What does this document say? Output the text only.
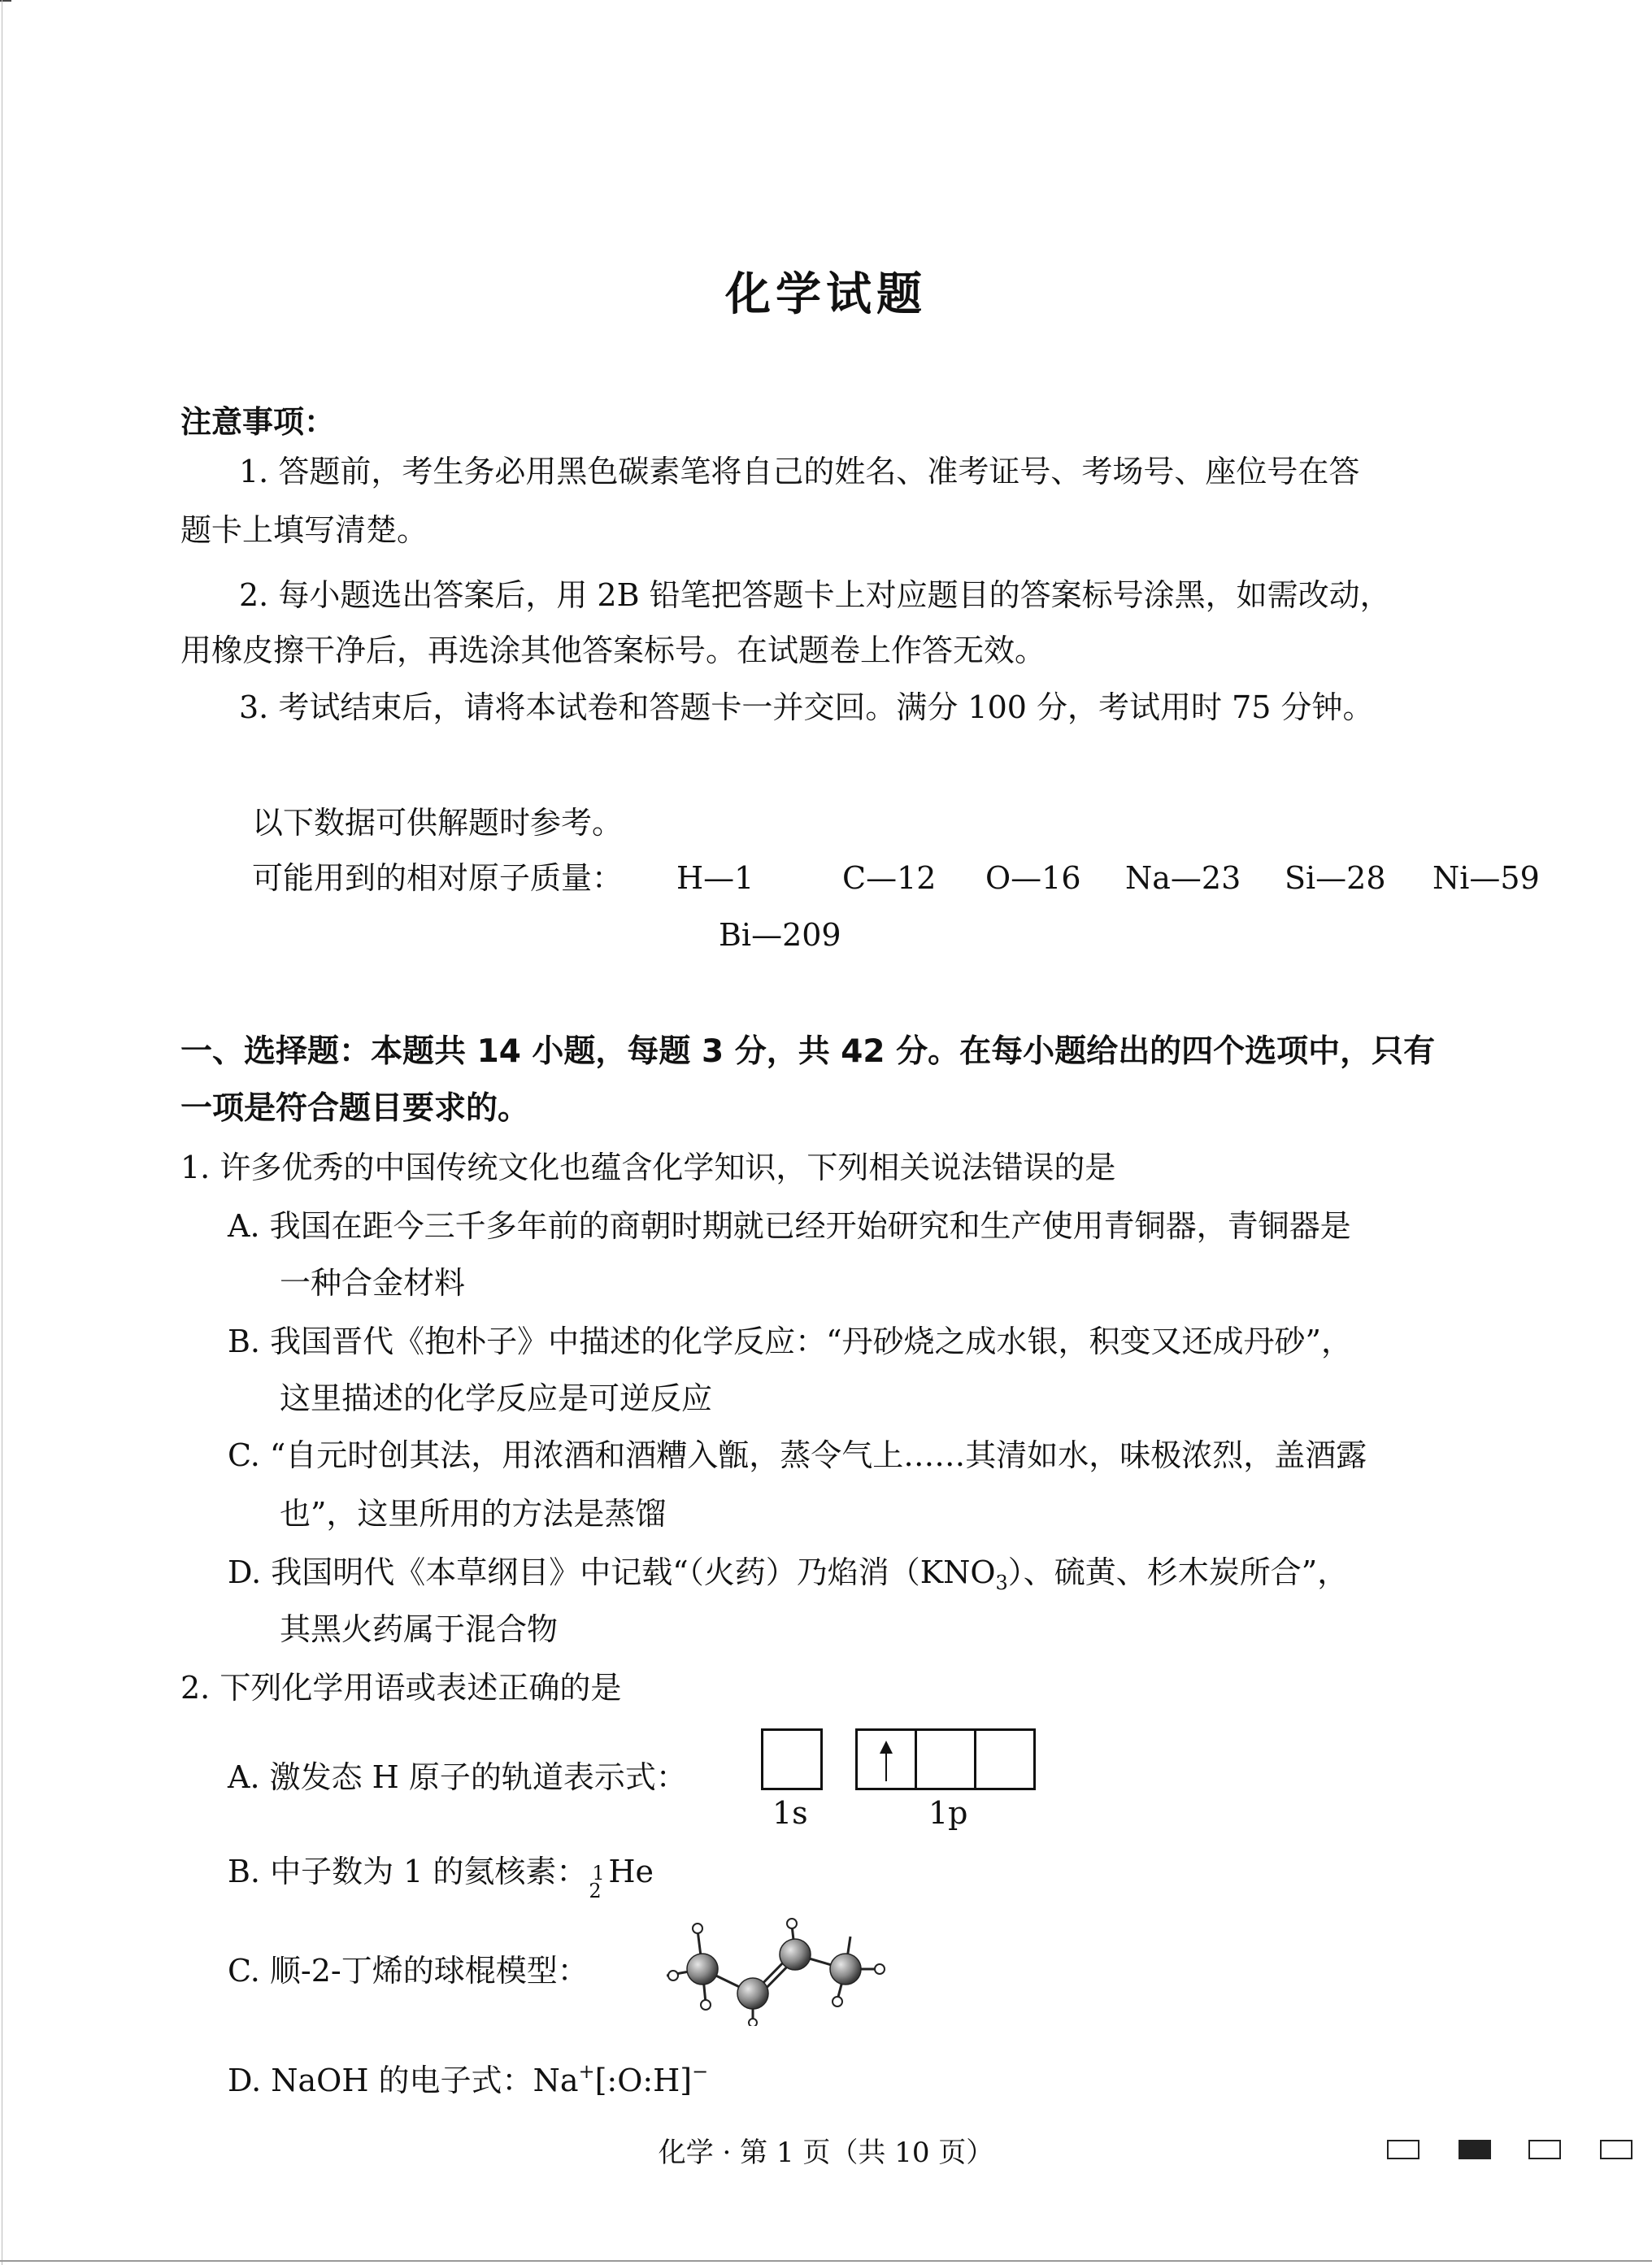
化学试题
注意事项：
1. 答题前，考生务必用黑色碳素笔将自己的姓名、准考证号、考场号、座位号在答
题卡上填写清楚。
2. 每小题选出答案后，用 2B 铅笔把答题卡上对应题目的答案标号涂黑，如需改动，
用橡皮擦干净后，再选涂其他答案标号。在试题卷上作答无效。
3. 考试结束后，请将本试卷和答题卡一并交回。满分 100 分，考试用时 75 分钟。
以下数据可供解题时参考。
可能用到的相对原子质量： H—1	C—12 O—16 Na—23 Si—28 Ni—59
Bi—209
一、选择题：本题共 14 小题，每题 3 分，共 42 分。在每小题给出的四个选项中，只有
一项是符合题目要求的。
1. 许多优秀的中国传统文化也蕴含化学知识，下列相关说法错误的是
A. 我国在距今三千多年前的商朝时期就已经开始研究和生产使用青铜器，青铜器是
一种合金材料
B. 我国晋代《抱朴子》中描述的化学反应：“丹砂烧之成水银，积变又还成丹砂”，
这里描述的化学反应是可逆反应
C. “自元时创其法，用浓酒和酒糟入甑，蒸令气上……其清如水，味极浓烈，盖酒露
也”，这里所用的方法是蒸馏
D. 我国明代《本草纲目》中记载“（火药）乃焰消$(KNO_3)$、硫黄、杉木炭所合”，
其黑火药属于混合物
2. 下列化学用语或表述正确的是
A. 激发态 H 原子的轨道表示式：
1s	1p
B. 中子数为 1 的氦核素： 1
2
He
C. 顺-2-丁烯的球棍模型：
D. NaOH 的电子式：Na+[:O:H]−
化学 · 第 1 页（共 10 页）
